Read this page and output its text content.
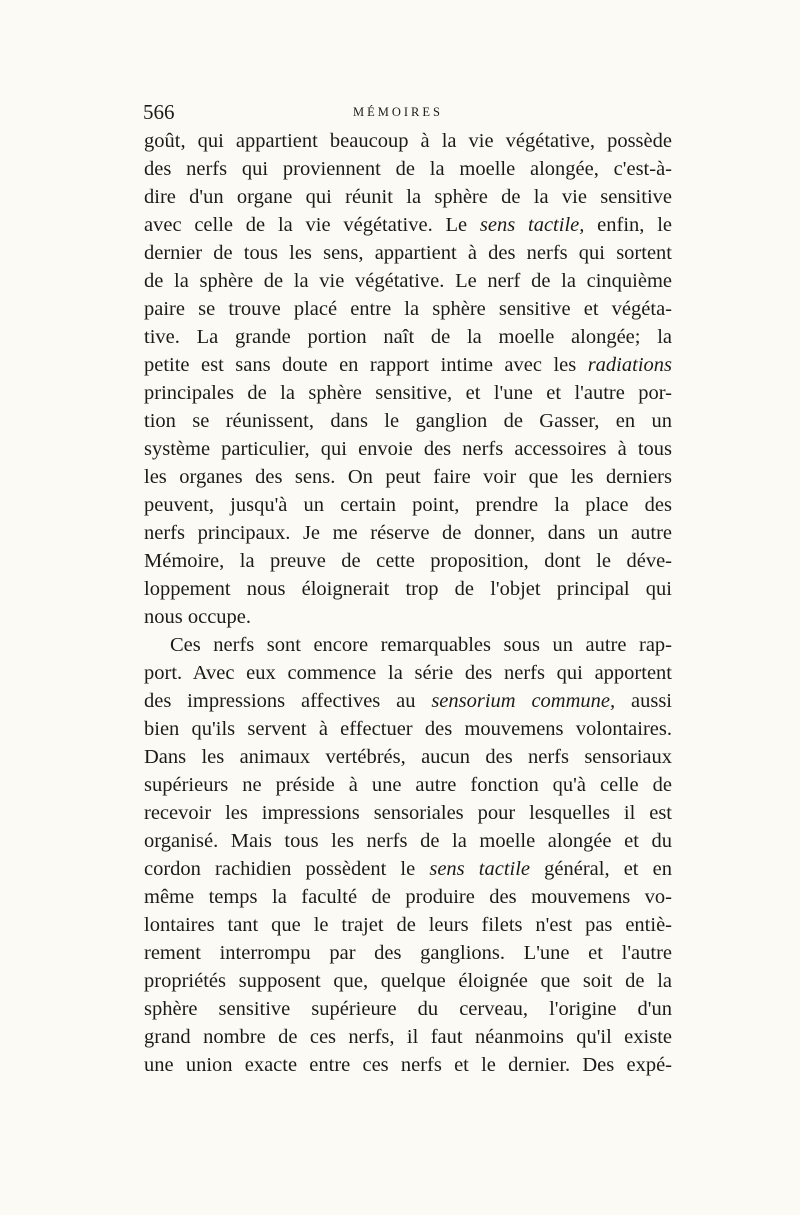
566	MÉMOIRES
goût, qui appartient beaucoup à la vie végétative, possède
des nerfs qui proviennent de la moelle alongée, c'est-à-
dire d'un organe qui réunit la sphère de la vie sensitive
avec celle de la vie végétative. Le sens tactile, enfin, le
dernier de tous les sens, appartient à des nerfs qui sortent
de la sphère de la vie végétative. Le nerf de la cinquième
paire se trouve placé entre la sphère sensitive et végéta-
tive. La grande portion naît de la moelle alongée; la
petite est sans doute en rapport intime avec les radiations
principales de la sphère sensitive, et l'une et l'autre por-
tion se réunissent, dans le ganglion de Gasser, en un
système particulier, qui envoie des nerfs accessoires à tous
les organes des sens. On peut faire voir que les derniers
peuvent, jusqu'à un certain point, prendre la place des
nerfs principaux. Je me réserve de donner, dans un autre
Mémoire, la preuve de cette proposition, dont le déve-
loppement nous éloignerait trop de l'objet principal qui
nous occupe.
Ces nerfs sont encore remarquables sous un autre rap-
port. Avec eux commence la série des nerfs qui apportent
des impressions affectives au sensorium commune, aussi
bien qu'ils servent à effectuer des mouvemens volontaires.
Dans les animaux vertébrés, aucun des nerfs sensoriaux
supérieurs ne préside à une autre fonction qu'à celle de
recevoir les impressions sensoriales pour lesquelles il est
organisé. Mais tous les nerfs de la moelle alongée et du
cordon rachidien possèdent le sens tactile général, et en
même temps la faculté de produire des mouvemens vo-
lontaires tant que le trajet de leurs filets n'est pas entiè-
rement interrompu par des ganglions. L'une et l'autre
propriétés supposent que, quelque éloignée que soit de la
sphère sensitive supérieure du cerveau, l'origine d'un
grand nombre de ces nerfs, il faut néanmoins qu'il existe
une union exacte entre ces nerfs et le dernier. Des expé-
